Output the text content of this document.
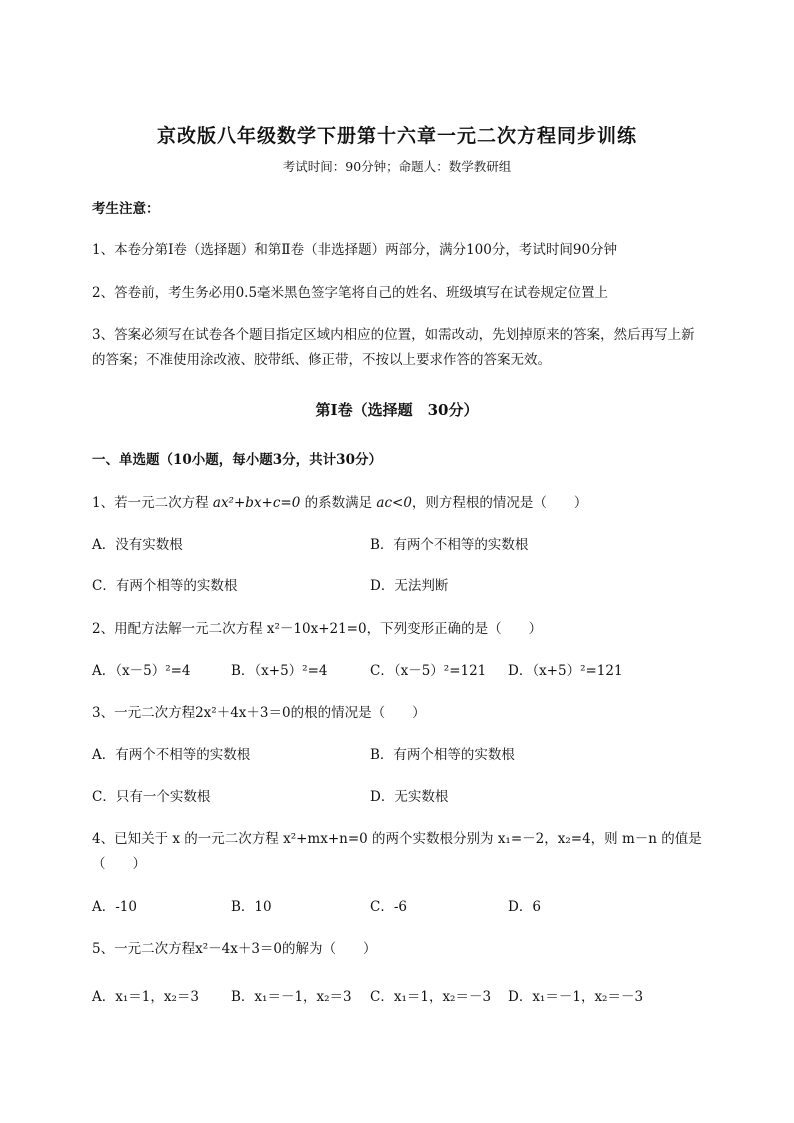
京改版八年级数学下册第十六章一元二次方程同步训练
考试时间：90分钟；命题人：数学教研组
考生注意：
1、本卷分第I卷（选择题）和第Ⅱ卷（非选择题）两部分，满分100分，考试时间90分钟
2、答卷前，考生务必用0.5毫米黑色签字笔将自己的姓名、班级填写在试卷规定位置上
3、答案必须写在试卷各个题目指定区域内相应的位置，如需改动，先划掉原来的答案，然后再写上新
的答案；不准使用涂改液、胶带纸、修正带，不按以上要求作答的答案无效。
第I卷（选择题　30分）
一、单选题（10小题，每小题3分，共计30分）
1、若一元二次方程 ax²+bx+c=0 的系数满足 ac<0，则方程根的情况是（　　）
A．没有实数根	B．有两个不相等的实数根
C．有两个相等的实数根	D．无法判断
2、用配方法解一元二次方程 x²－10x+21=0，下列变形正确的是（　　）
A．（x－5）²=4	B．（x+5）²=4	C．（x－5）²=121 D．（x+5）²=121
3、一元二次方程2x²＋4x＋3＝0的根的情况是（　　）
A．有两个不相等的实数根	B．有两个相等的实数根
C．只有一个实数根	D．无实数根
4、已知关于 x 的一元二次方程 x²+mx+n=0 的两个实数根分别为 x₁=－2，x₂=4，则 m－n 的值是
（　　）
A．-10	B．10	C．-6	D．6
5、一元二次方程x²－4x＋3＝0的解为（　　）
A．x₁＝1，x₂＝3 B．x₁＝－1，x₂＝3 C．x₁＝1，x₂＝－3 D．x₁＝－1，x₂＝－3
